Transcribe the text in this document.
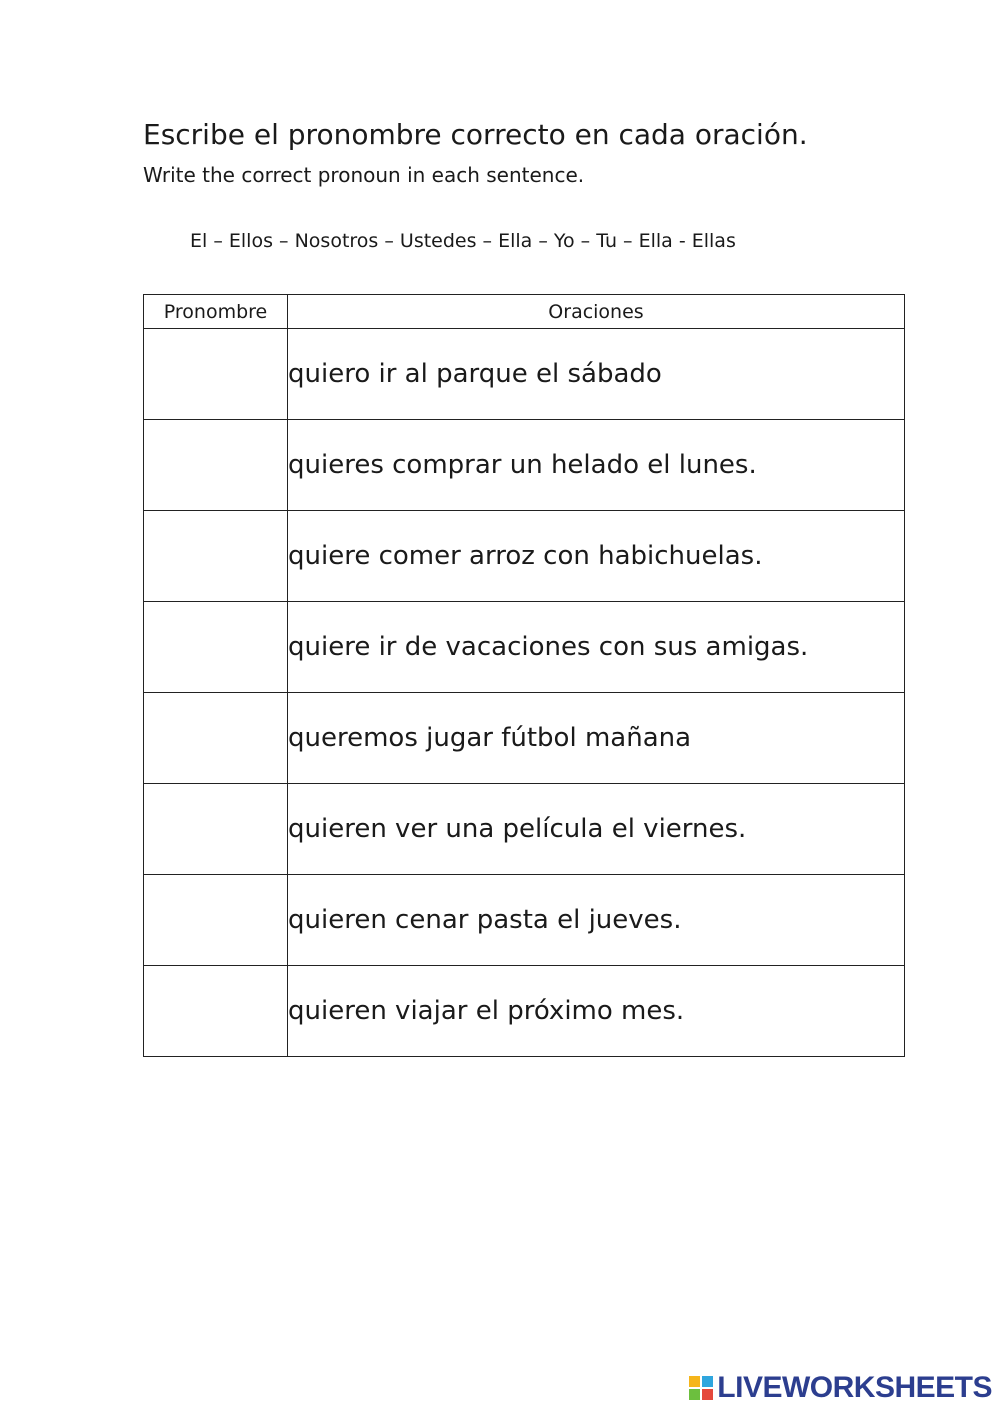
Escribe el pronombre correcto en cada oración.

Write the correct pronoun in each sentence.

El – Ellos – Nosotros – Ustedes – Ella – Yo – Tu – Ella - Ellas

Pronombre	Oraciones
	quiero ir al parque el sábado
	quieres comprar un helado el lunes.
	quiere comer arroz con habichuelas.
	quiere ir de vacaciones con sus amigas.
	queremos jugar fútbol mañana
	quieren ver una película el viernes.
	quieren cenar pasta el jueves.
	quieren viajar el próximo mes.
LIVEWORKSHEETS
